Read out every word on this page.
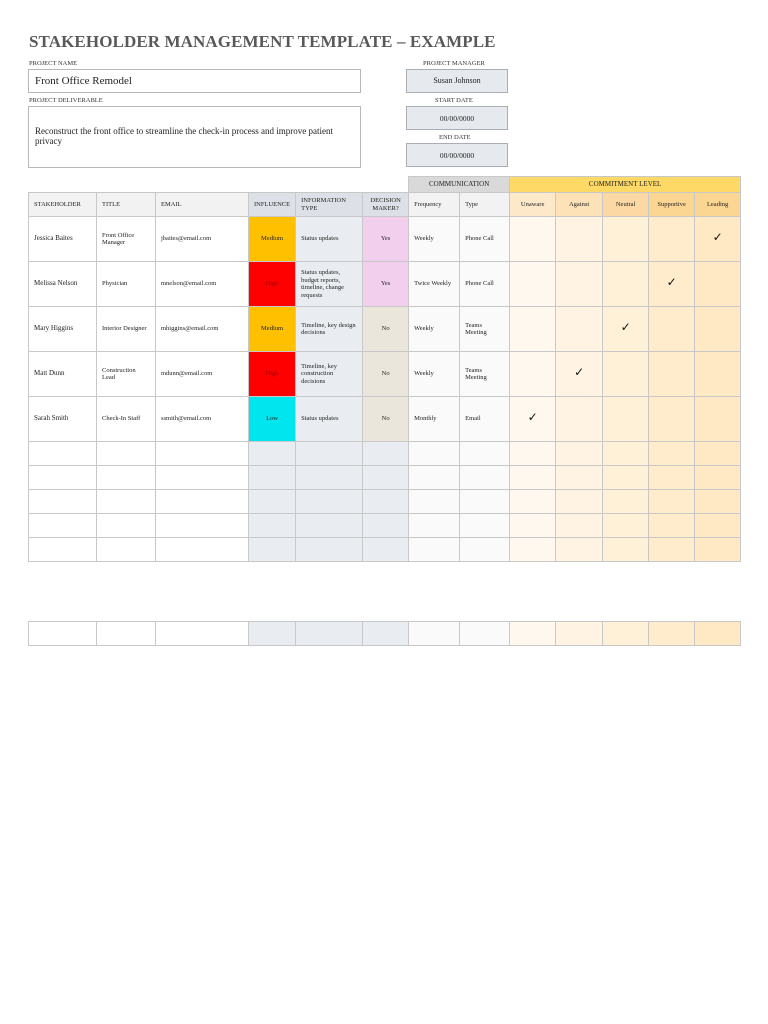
STAKEHOLDER MANAGEMENT TEMPLATE – EXAMPLE
PROJECT NAME
Front Office Remodel
PROJECT DELIVERABLE
Reconstruct the front office to streamline the check-in process and improve patient privacy
PROJECT MANAGER
Susan Johnson
START DATE
00/00/0000
END DATE
00/00/0000
						COMMUNICATION		COMMITMENT LEVEL				
STAKEHOLDER	TITLE	EMAIL	INFLUENCE	INFORMATION TYPE	DECISION MAKER?	Frequency	Type	Unaware	Against	Neutral	Supportive	Leading
Jessica Baites	Front Office Manager	jbaites@email.com	Medium	Status updates	Yes	Weekly	Phone Call					✓
Melissa Nelson	Physician	mnelson@email.com	High	Status updates, budget reports, timeline, change requests	Yes	Twice Weekly	Phone Call				✓	
Mary Higgins	Interior Designer	mhiggins@email.com	Medium	Timeline, key design decisions	No	Weekly	Teams Meeting			✓		
Matt Dunn	Construction Lead	mdunn@email.com	High	Timeline, key construction decisions	No	Weekly	Teams Meeting		✓			
Sarah Smith	Check-In Staff	ssmith@email.com	Low	Status updates	No	Monthly	Email	✓				
